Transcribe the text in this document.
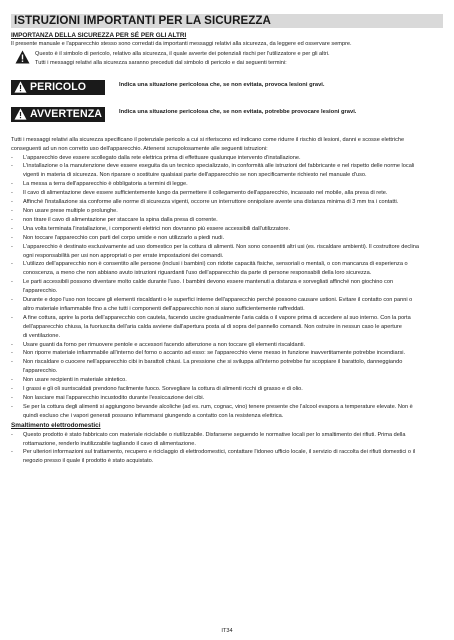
ISTRUZIONI IMPORTANTI PER LA SICUREZZA
IMPORTANZA DELLA SICUREZZA PER SÉ PER GLI ALTRI
Il presente manuale e l'apparecchio stesso sono corredati da importanti messaggi relativi alla sicurezza, da leggere ed osservare sempre.
Questo è il simbolo di pericolo, relativo alla sicurezza, il quale avverte dei potenziali rischi per l'utilizzatore e per gli altri.
Tutti i messaggi relativi alla sicurezza saranno preceduti dal simbolo di pericolo e dai seguenti termini:
PERICOLO	Indica una situazione pericolosa che, se non evitata, provoca lesioni gravi.
AVVERTENZA	Indica una situazione pericolosa che, se non evitata, potrebbe provocare lesioni gravi.
Tutti i messaggi relativi alla sicurezza specificano il potenziale pericolo a cui si riferiscono ed indicano come ridurre il rischio di lesioni, danni e scosse elettriche
conseguenti ad un non corretto uso dell'apparecchio. Attenersi scrupolosamente alle seguenti istruzioni:
-	L'apparecchio deve essere scollegato dalla rete elettrica prima di effettuare qualunque intervento d'installazione.
-	L'installazione o la manutenzione deve essere eseguita da un tecnico specializzato, in conformità alle istruzioni del fabbricante e nel rispetto delle norme locali
vigenti in materia di sicurezza. Non riparare o sostituire qualsiasi parte dell'apparecchio se non specificamente richiesto nel manuale d'uso.
-	La messa a terra dell'apparecchio è obbligatoria a termini di legge.
-	Il cavo di alimentazione deve essere sufficientemente lungo da permettere il collegamento dell'apparecchio, incassato nel mobile, alla presa di rete.
-	Affinché l'installazione sia conforme alle norme di sicurezza vigenti, occorre un interruttore onnipolare avente una distanza minima di 3 mm tra i contatti.
-	Non usare prese multiple o prolunghe.
-	non tirare il cavo di alimentazione per staccare la spina dalla presa di corrente.
-	Una volta terminata l'installazione, i componenti elettrici non dovranno più essere accessibili dall'utilizzatore.
-	Non toccare l'apparecchio con parti del corpo umide e non utilizzarlo a piedi nudi.
-	L'apparecchio è destinato esclusivamente ad uso domestico per la cottura di alimenti. Non sono consentiti altri usi (es. riscaldare ambienti). Il costruttore declina
ogni responsabilità per usi non appropriati o per errate impostazioni dei comandi.
-	L'utilizzo dell'apparecchio non è consentito alle persone (inclusi i bambini) con ridotte capacità fisiche, sensoriali o mentali, o con mancanza di esperienza o
conoscenza, a meno che non abbiano avuto istruzioni riguardanti l'uso dell'apparecchio da parte di persone responsabili della loro sicurezza.
-	Le parti accessibili possono diventare molto calde durante l'uso. I bambini devono essere mantenuti a distanza e sorvegliati affinché non giochino con
l'apparecchio.
-	Durante e dopo l'uso non toccare gli elementi riscaldanti o le superfici interne dell'apparecchio perché possono causare ustioni. Evitare il contatto con panni o
altro materiale infiammabile fino a che tutti i componenti dell'apparecchio non si siano sufficientemente raffreddati.
-	A fine cottura, aprire la porta dell'apparecchio con cautela, facendo uscire gradualmente l'aria calda o il vapore prima di accedere al suo interno. Con la porta
dell'apparecchio chiusa, la fuoriuscita dell'aria calda avviene dall'apertura posta al di sopra del pannello comandi. Non ostruire in nessun caso le aperture
di ventilazione.
-	Usare guanti da forno per rimuovere pentole e accessori facendo attenzione a non toccare gli elementi riscaldanti.
-	Non riporre materiale infiammabile all'interno del forno o accanto ad esso: se l'apparecchio viene messo in funzione inavvertitamente potrebbe incendiarsi.
-	Non riscaldare o cuocere nell'apparecchio cibi in barattoli chiusi. La pressione che si sviluppa all'interno potrebbe far scoppiare il barattolo, danneggiando
l'apparecchio.
-	Non usare recipienti in materiale sintetico.
-	I grassi e gli oli surriscaldati prendono facilmente fuoco. Sorvegliare la cottura di alimenti ricchi di grasso e di olio.
-	Non lasciare mai l'apparecchio incustodito durante l'essiccazione dei cibi.
-	Se per la cottura degli alimenti si aggiungono bevande alcoliche (ad es. rum, cognac, vino) tenere presente che l'alcool evapora a temperature elevate. Non è
quindi escluso che i vapori generati possano infiammarsi giungendo a contatto con la resistenza elettrica.
Smaltimento elettrodomestici
-	Questo prodotto è stato fabbricato con materiale riciclabile o riutilizzabile. Disfarsene seguendo le normative locali per lo smaltimento dei rifiuti. Prima della
rottamazione, renderlo inutilizzabile tagliando il cavo di alimentazione.
-	Per ulteriori informazioni sul trattamento, recupero e riciclaggio di elettrodomestici, contattare l'idoneo ufficio locale, il servizio di raccolta dei rifiuti domestici o il
negozio presso il quale il prodotto è stato acquistato.
IT34
